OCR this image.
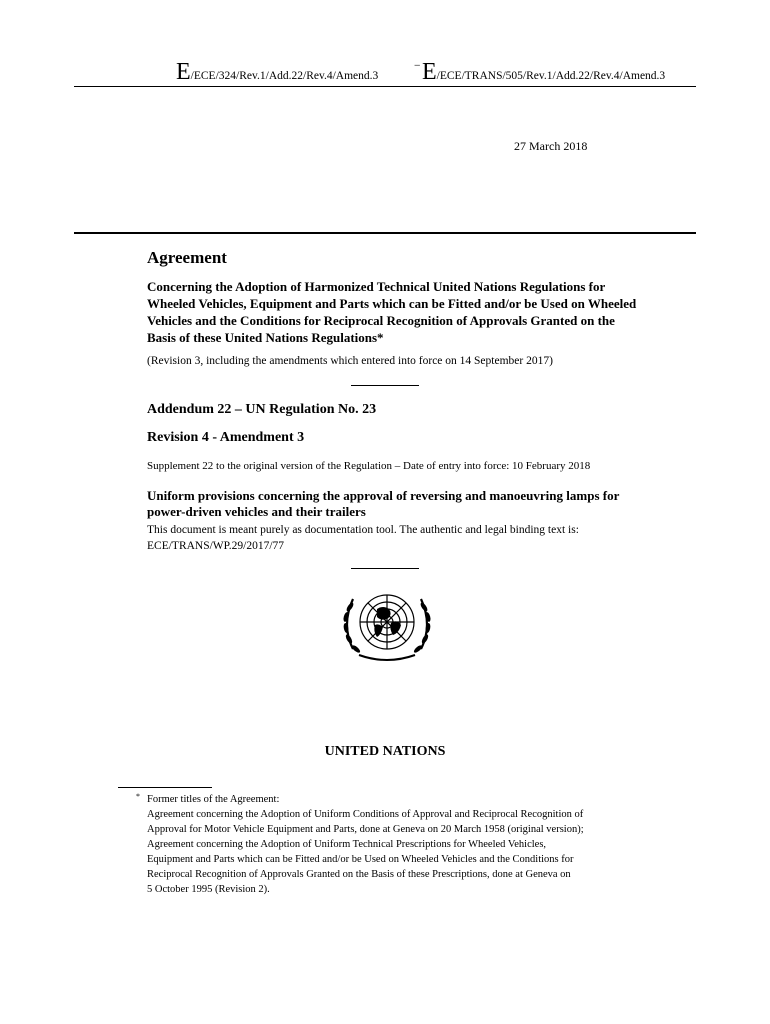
E/ECE/324/Rev.1/Add.22/Rev.4/Amend.3
− E/ECE/TRANS/505/Rev.1/Add.22/Rev.4/Amend.3
27 March 2018
Agreement

Concerning the Adoption of Harmonized Technical United Nations Regulations for Wheeled Vehicles, Equipment and Parts which can be Fitted and/or be Used on Wheeled Vehicles and the Conditions for Reciprocal Recognition of Approvals Granted on the Basis of these United Nations Regulations*

(Revision 3, including the amendments which entered into force on 14 September 2017)
Addendum 22 – UN Regulation No. 23
Revision 4 - Amendment 3
Supplement 22 to the original version of the Regulation – Date of entry into force: 10 February 2018
Uniform provisions concerning the approval of reversing and manoeuvring lamps for power-driven vehicles and their trailers
This document is meant purely as documentation tool. The authentic and legal binding text is: ECE/TRANS/WP.29/2017/77
UNITED NATIONS
* Former titles of the Agreement:
Agreement concerning the Adoption of Uniform Conditions of Approval and Reciprocal Recognition of
Approval for Motor Vehicle Equipment and Parts, done at Geneva on 20 March 1958 (original version);
Agreement concerning the Adoption of Uniform Technical Prescriptions for Wheeled Vehicles,
Equipment and Parts which can be Fitted and/or be Used on Wheeled Vehicles and the Conditions for
Reciprocal Recognition of Approvals Granted on the Basis of these Prescriptions, done at Geneva on
5 October 1995 (Revision 2).
